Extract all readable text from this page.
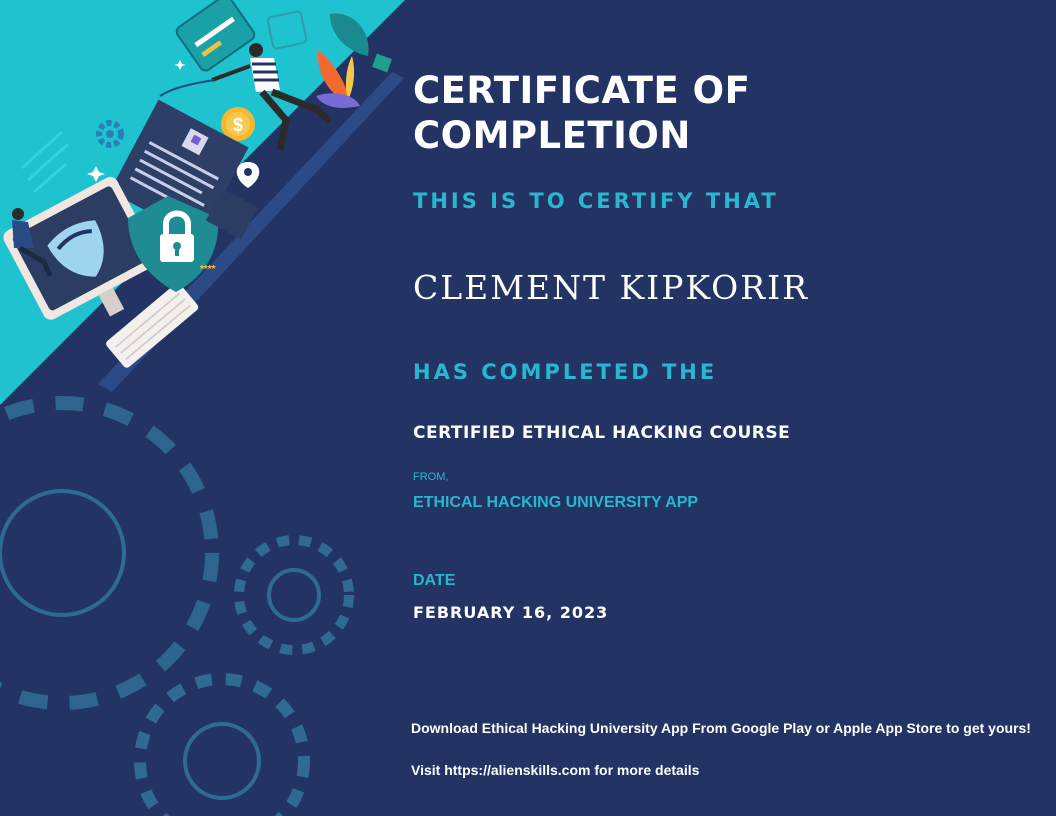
$
****
CERTIFICATE OF
COMPLETION

THIS IS TO CERTIFY THAT

CLEMENT KIPKORIR

HAS COMPLETED THE

CERTIFIED ETHICAL HACKING COURSE

FROM,

ETHICAL HACKING UNIVERSITY APP

DATE

FEBRUARY 16, 2023

Download Ethical Hacking University App From Google Play or Apple App Store to get yours!

Visit https://alienskills.com for more details
